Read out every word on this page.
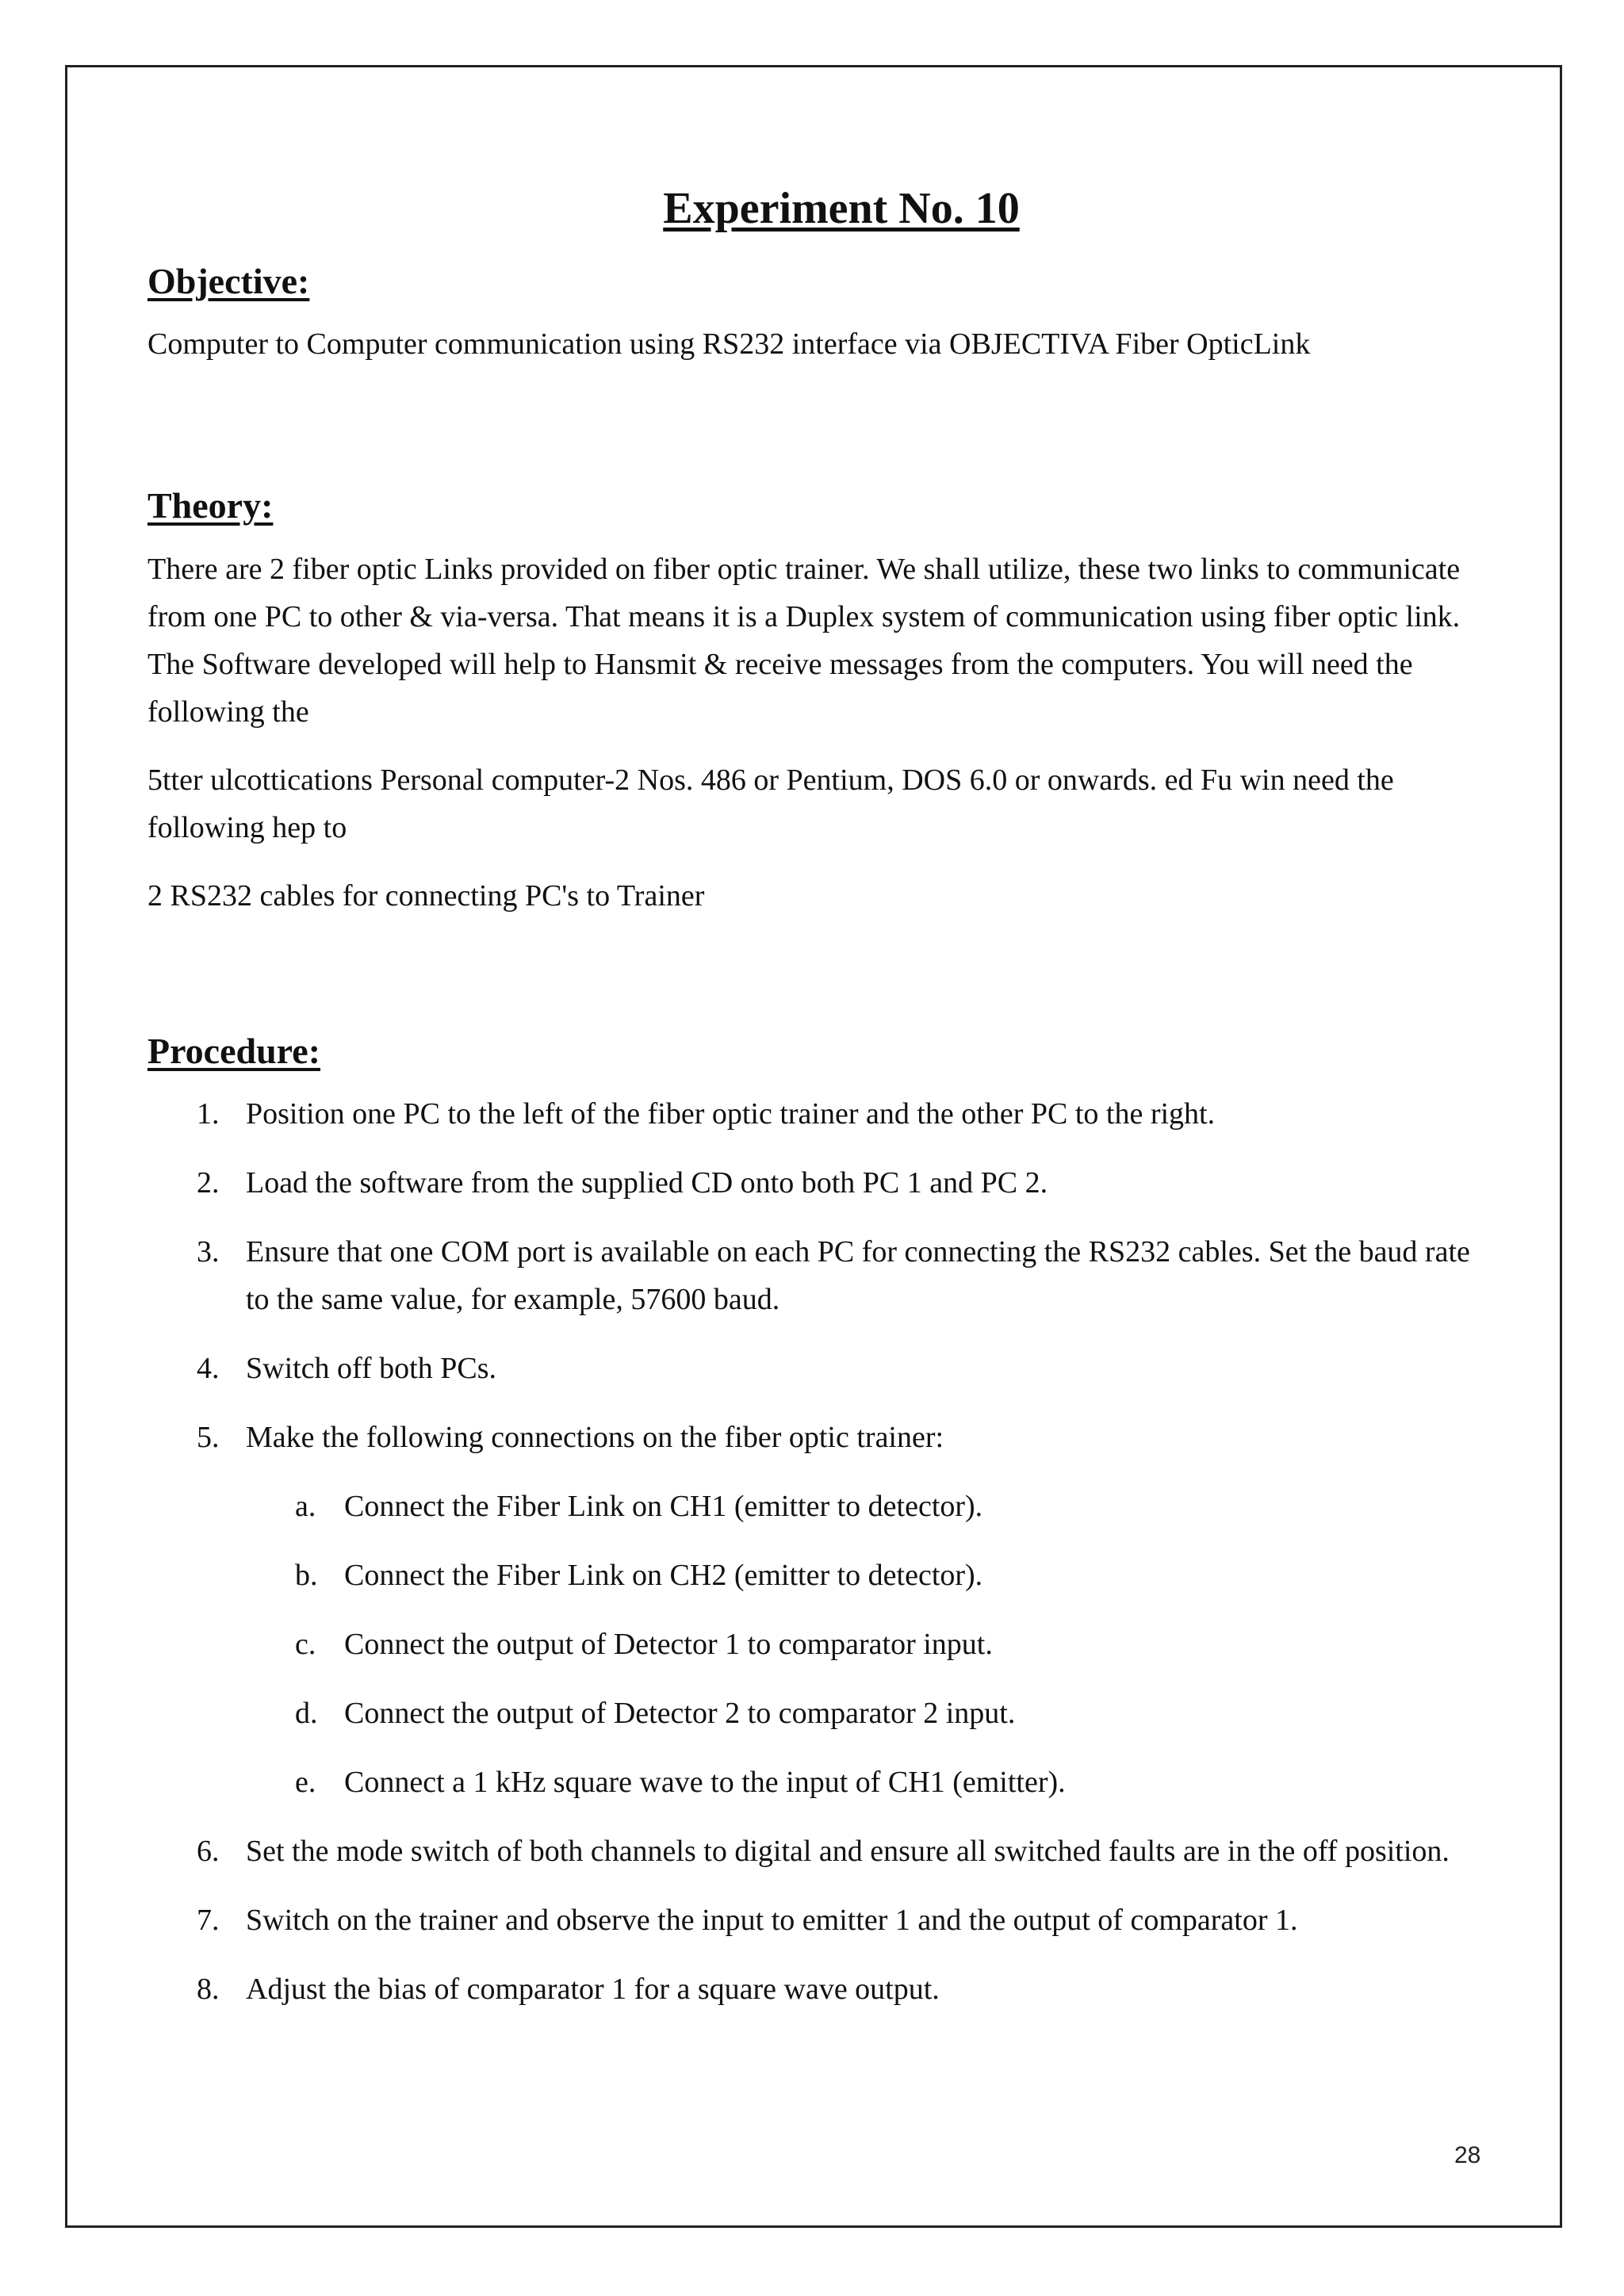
Experiment No. 10
Objective:
Computer to Computer communication using RS232 interface via OBJECTIVA Fiber OpticLink
Theory:
There are 2 fiber optic Links provided on fiber optic trainer. We shall utilize, these two links to communicate from one PC to other & via-versa. That means it is a Duplex system of communication using fiber optic link. The Software developed will help to Hansmit & receive messages from the computers. You will need the following the
5tter ulcottications Personal computer-2 Nos. 486 or Pentium, DOS 6.0 or onwards. ed Fu win need the following hep to
2 RS232 cables for connecting PC's to Trainer
Procedure:
1. Position one PC to the left of the fiber optic trainer and the other PC to the right.
2. Load the software from the supplied CD onto both PC 1 and PC 2.
3. Ensure that one COM port is available on each PC for connecting the RS232 cables. Set the baud rate to the same value, for example, 57600 baud.
4. Switch off both PCs.
5. Make the following connections on the fiber optic trainer:
a. Connect the Fiber Link on CH1 (emitter to detector).
b. Connect the Fiber Link on CH2 (emitter to detector).
c. Connect the output of Detector 1 to comparator input.
d. Connect the output of Detector 2 to comparator 2 input.
e. Connect a 1 kHz square wave to the input of CH1 (emitter).
6. Set the mode switch of both channels to digital and ensure all switched faults are in the off position.
7. Switch on the trainer and observe the input to emitter 1 and the output of comparator 1.
8. Adjust the bias of comparator 1 for a square wave output.
28
